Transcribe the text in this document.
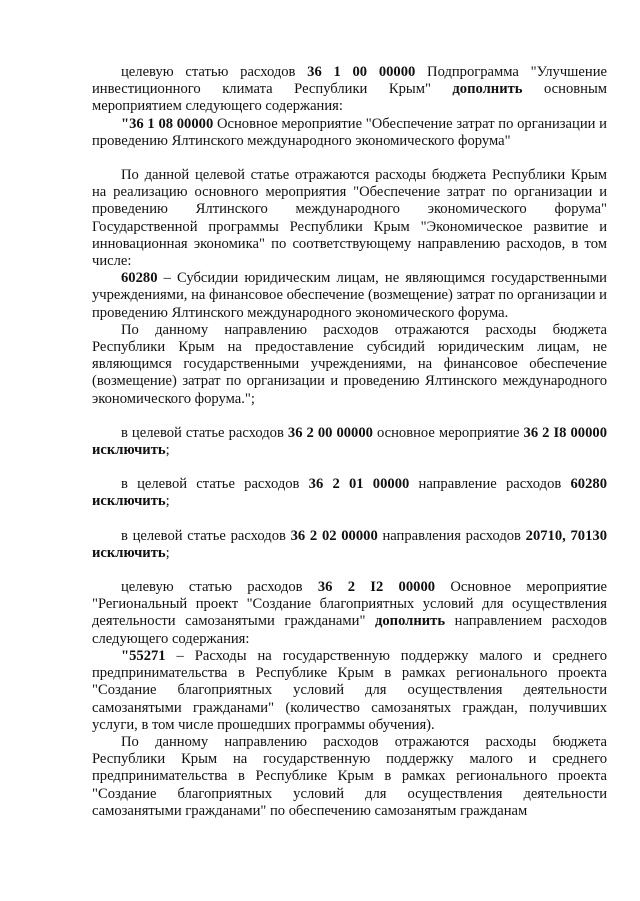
целевую статью расходов 36 1 00 00000 Подпрограмма "Улучшение инвестиционного климата Республики Крым" дополнить основным мероприятием следующего содержания:

"36 1 08 00000 Основное мероприятие "Обеспечение затрат по организации и проведению Ялтинского международного экономического форума"

По данной целевой статье отражаются расходы бюджета Республики Крым на реализацию основного мероприятия "Обеспечение затрат по организации и проведению Ялтинского международного экономического форума" Государственной программы Республики Крым "Экономическое развитие и инновационная экономика" по соответствующему направлению расходов, в том числе:

60280 – Субсидии юридическим лицам, не являющимся государственными учреждениями, на финансовое обеспечение (возмещение) затрат по организации и проведению Ялтинского международного экономического форума.

По данному направлению расходов отражаются расходы бюджета Республики Крым на предоставление субсидий юридическим лицам, не являющимся государственными учреждениями, на финансовое обеспечение (возмещение) затрат по организации и проведению Ялтинского международного экономического форума.";

в целевой статье расходов 36 2 00 00000 основное мероприятие 36 2 I8 00000 исключить;

в целевой статье расходов 36 2 01 00000 направление расходов 60280 исключить;

в целевой статье расходов 36 2 02 00000 направления расходов 20710, 70130 исключить;

целевую статью расходов 36 2 I2 00000 Основное мероприятие "Региональный проект "Создание благоприятных условий для осуществления деятельности самозанятыми гражданами" дополнить направлением расходов следующего содержания:

"55271 – Расходы на государственную поддержку малого и среднего предпринимательства в Республике Крым в рамках регионального проекта "Создание благоприятных условий для осуществления деятельности самозанятыми гражданами" (количество самозанятых граждан, получивших услуги, в том числе прошедших программы обучения).

По данному направлению расходов отражаются расходы бюджета Республики Крым на государственную поддержку малого и среднего предпринимательства в Республике Крым в рамках регионального проекта "Создание благоприятных условий для осуществления деятельности самозанятыми гражданами" по обеспечению самозанятым гражданам
